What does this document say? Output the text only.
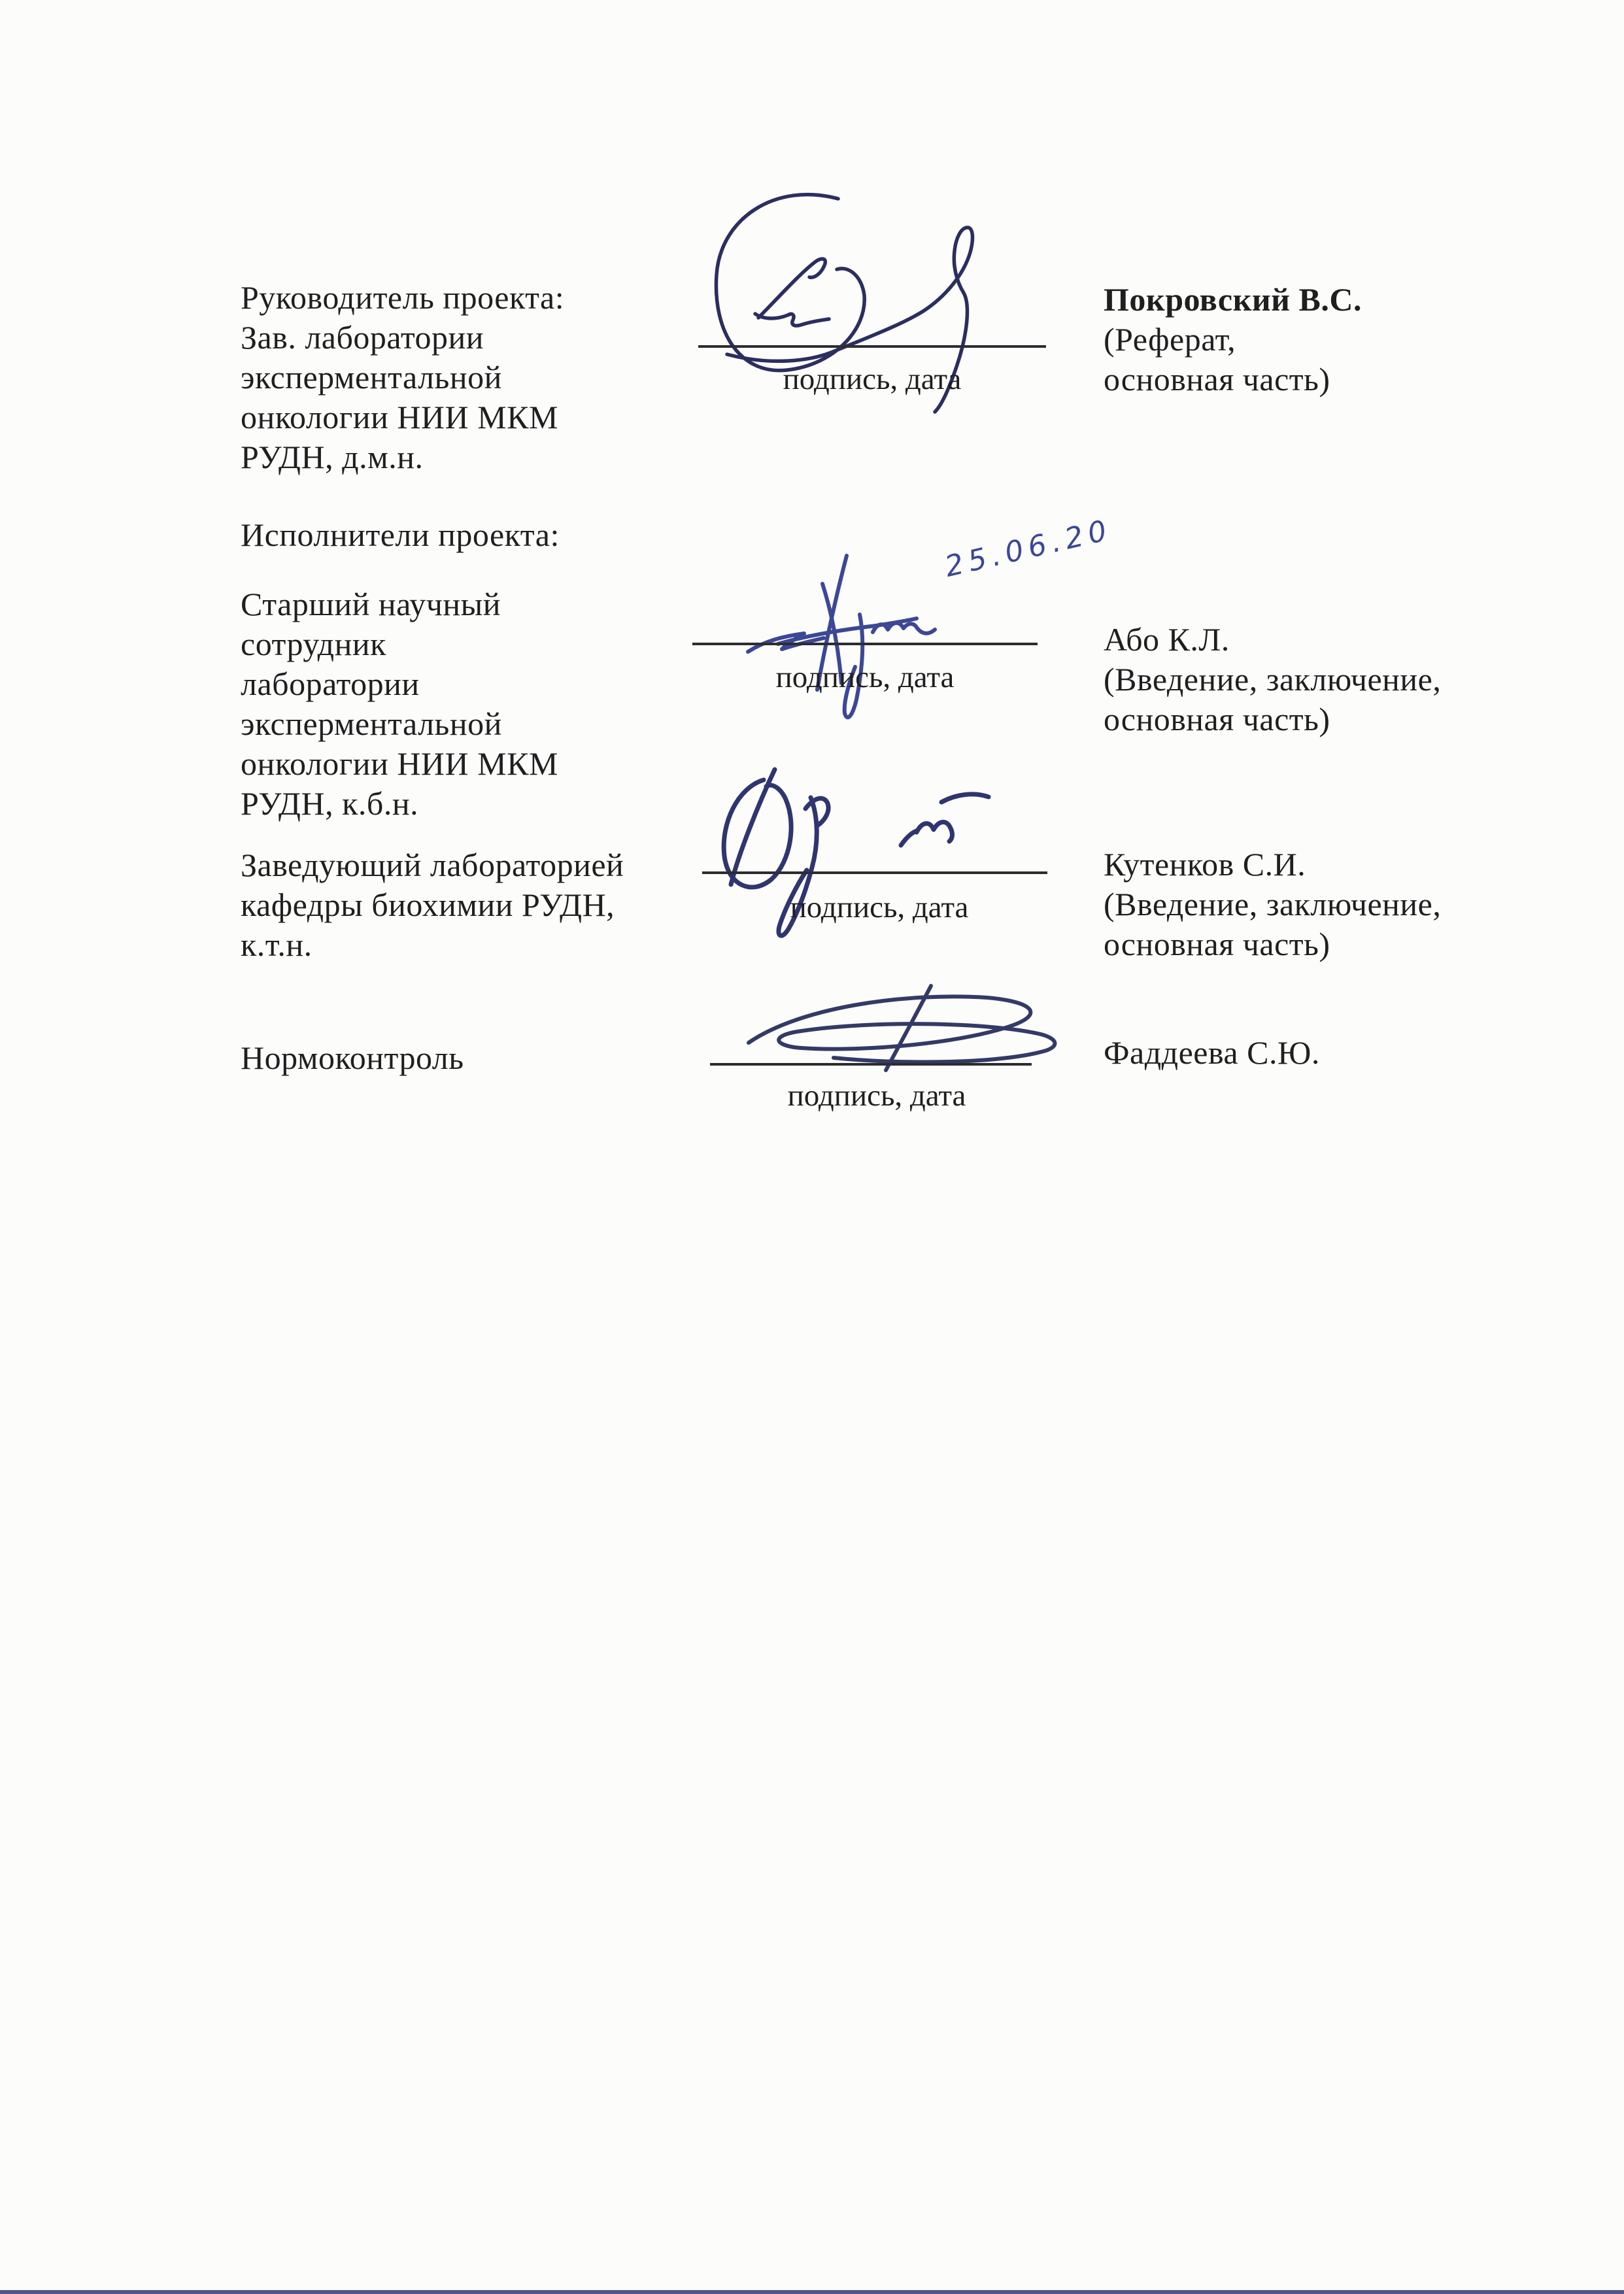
Руководитель проекта:
Зав. лаборатории
эксперментальной
онкологии НИИ МКМ
РУДН, д.м.н.
подпись, дата
Покровский В.С.
(Реферат,
основная часть)
Исполнители проекта:
Старший научный
сотрудник
лаборатории
эксперментальной
онкологии НИИ МКМ
РУДН, к.б.н.
25.06.20
подпись, дата
Або К.Л.
(Введение, заключение,
основная часть)
Заведующий лабораторией
кафедры биохимии РУДН,
к.т.н.
подпись, дата
Кутенков С.И.
(Введение, заключение,
основная часть)
Нормоконтроль
подпись, дата
Фаддеева С.Ю.
